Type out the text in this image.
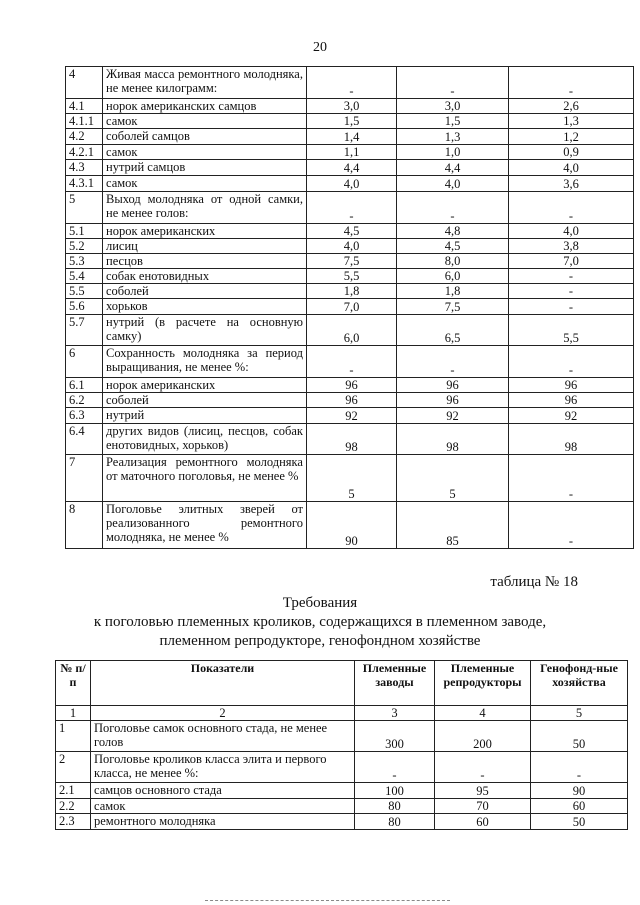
20
4	Живая масса ремонтного молодняка, не менее килограмм:	-	-	-
4.1	норок американских самцов	3,0	3,0	2,6
4.1.1	самок	1,5	1,5	1,3
4.2	соболей самцов	1,4	1,3	1,2
4.2.1	самок	1,1	1,0	0,9
4.3	нутрий самцов	4,4	4,4	4,0
4.3.1	самок	4,0	4,0	3,6
5	Выход молодняка от одной самки, не менее голов:	-	-	-
5.1	норок американских	4,5	4,8	4,0
5.2	лисиц	4,0	4,5	3,8
5.3	песцов	7,5	8,0	7,0
5.4	собак енотовидных	5,5	6,0	-
5.5	соболей	1,8	1,8	-
5.6	хорьков	7,0	7,5	-
5.7	нутрий (в расчете на основную самку)	6,0	6,5	5,5
6	Сохранность молодняка за период выращивания, не менее %:	-	-	-
6.1	норок американских	96	96	96
6.2	соболей	96	96	96
6.3	нутрий	92	92	92
6.4	других видов (лисиц, песцов, собак енотовидных, хорьков)	98	98	98
7	Реализация ремонтного молодняка от маточного поголовья, не менее %	5	5	-
8	Поголовье элитных зверей от реализованного ремонтного молодняка, не менее %	90	85	-
таблица № 18
Требования
к поголовью племенных кроликов, содержащихся в племенном заводе,
племенном репродукторе, генофондном хозяйстве
№ п/п	Показатели	Племенные заводы	Племенные репродукторы	Генофонд-ные хозяйства
1	2	3	4	5
1	Поголовье самок основного стада, не менее голов	300	200	50
2	Поголовье кроликов класса элита и первого класса, не менее %:	-	-	-
2.1	самцов основного стада	100	95	90
2.2	самок	80	70	60
2.3	ремонтного молодняка	80	60	50
